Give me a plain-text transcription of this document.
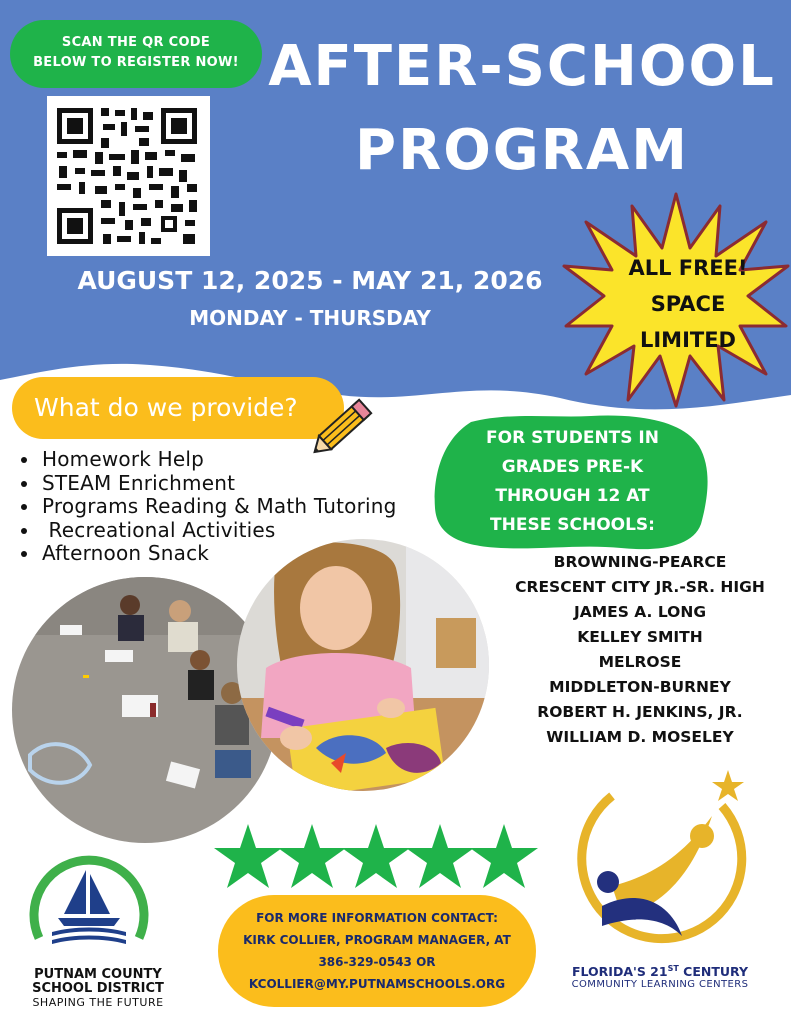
SCAN THE QR CODE
BELOW TO REGISTER NOW! AFTER-SCHOOL
PROGRAM
AUGUST 12, 2025 - MAY 21, 2026
MONDAY - THURSDAY
ALL FREE!
SPACE
LIMITED
What do we provide?
• Homework Help
• STEAM Enrichment
• Programs Reading & Math Tutoring
•  Recreational Activities
• Afternoon Snack
FOR STUDENTS IN
GRADES PRE-K
THROUGH 12 AT
THESE SCHOOLS:
BROWNING-PEARCE
CRESCENT CITY JR.-SR. HIGH
JAMES A. LONG
KELLEY SMITH
MELROSE
MIDDLETON-BURNEY
ROBERT H. JENKINS, JR.
WILLIAM D. MOSELEY
FOR MORE INFORMATION CONTACT:
KIRK COLLIER, PROGRAM MANAGER, AT
386-329-0543 OR
KCOLLIER@MY.PUTNAMSCHOOLS.ORG
PUTNAM COUNTY
SCHOOL DISTRICT
SHAPING THE FUTURE
FLORIDA'S 21ST CENTURY
COMMUNITY LEARNING CENTERS
